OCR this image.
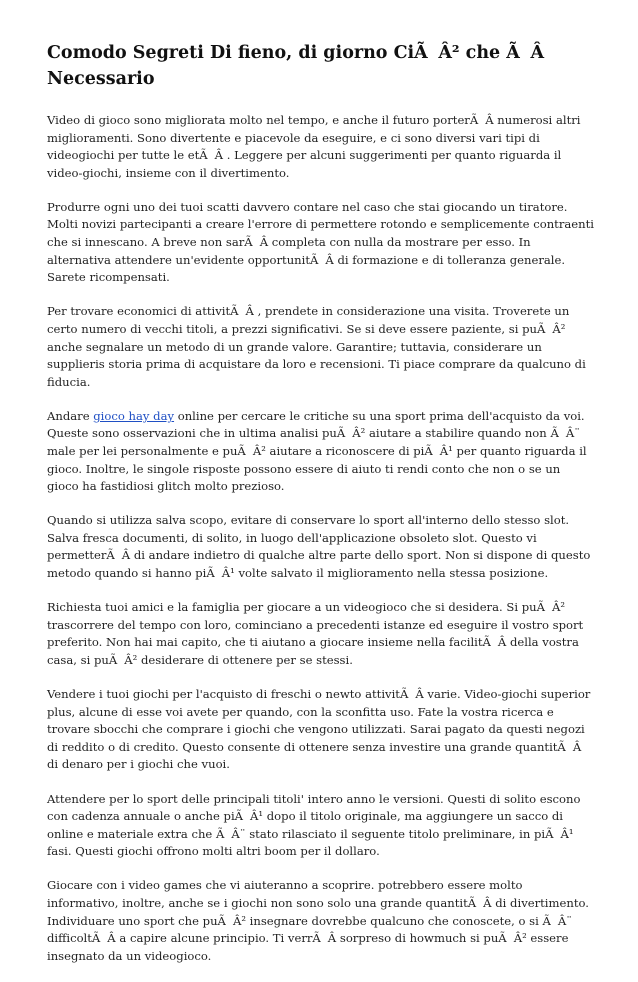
Comodo Segreti Di fieno, di giorno CiÃÂ² che ÃÂ Necessario

Video di gioco sono migliorata molto nel tempo, e anche il futuro porterÃÂ numerosi altri miglioramenti. Sono divertente e piacevole da eseguire, e ci sono diversi vari tipi di videogiochi per tutte le etÃÂ . Leggere per alcuni suggerimenti per quanto riguarda il video-giochi, insieme con il divertimento.

Produrre ogni uno dei tuoi scatti davvero contare nel caso che stai giocando un tiratore. Molti novizi partecipanti a creare l'errore di permettere rotondo e semplicemente contraenti che si innescano. A breve non sarÃÂ completa con nulla da mostrare per esso. In alternativa attendere un'evidente opportunitÃÂ di formazione e di tolleranza generale. Sarete ricompensati.

Per trovare economici di attivitÃÂ , prendete in considerazione una visita. Troverete un certo numero di vecchi titoli, a prezzi significativi. Se si deve essere paziente, si puÃÂ² anche segnalare un metodo di un grande valore. Garantire; tuttavia, considerare un supplieris storia prima di acquistare da loro e recensioni. Ti piace comprare da qualcuno di fiducia.

Andare gioco hay day online per cercare le critiche su una sport prima dell'acquisto da voi. Queste sono osservazioni che in ultima analisi puÃÂ² aiutare a stabilire quando non ÃÂ¨ male per lei personalmente e puÃÂ² aiutare a riconoscere di piÃÂ¹ per quanto riguarda il gioco. Inoltre, le singole risposte possono essere di aiuto ti rendi conto che non o se un gioco ha fastidiosi glitch molto prezioso.

Quando si utilizza salva scopo, evitare di conservare lo sport all'interno dello stesso slot. Salva fresca documenti, di solito, in luogo dell'applicazione obsoleto slot. Questo vi permetterÃÂ di andare indietro di qualche altre parte dello sport. Non si dispone di questo metodo quando si hanno piÃÂ¹ volte salvato il miglioramento nella stessa posizione.

Richiesta tuoi amici e la famiglia per giocare a un videogioco che si desidera. Si puÃÂ² trascorrere del tempo con loro, cominciano a precedenti istanze ed eseguire il vostro sport preferito. Non hai mai capito, che ti aiutano a giocare insieme nella facilitÃÂ della vostra casa, si puÃÂ² desiderare di ottenere per se stessi.

Vendere i tuoi giochi per l'acquisto di freschi o newto attivitÃÂ varie. Video-giochi superior plus, alcune di esse voi avete per quando, con la sconfitta uso. Fate la vostra ricerca e trovare sbocchi che comprare i giochi che vengono utilizzati. Sarai pagato da questi negozi di reddito o di credito. Questo consente di ottenere senza investire una grande quantitÃÂ di denaro per i giochi che vuoi.

Attendere per lo sport delle principali titoli' intero anno le versioni. Questi di solito escono con cadenza annuale o anche piÃÂ¹ dopo il titolo originale, ma aggiungere un sacco di online e materiale extra che ÃÂ¨ stato rilasciato il seguente titolo preliminare, in piÃÂ¹ fasi. Questi giochi offrono molti altri boom per il dollaro.

Giocare con i video games che vi aiuteranno a scoprire. potrebbero essere molto informativo, inoltre, anche se i giochi non sono solo una grande quantitÃÂ di divertimento. Individuare uno sport che puÃÂ² insegnare dovrebbe qualcuno che conoscete, o si ÃÂ¨ difficoltÃÂ a capire alcune principio. Ti verrÃÂ sorpreso di howmuch si puÃÂ² essere insegnato da un videogioco.
